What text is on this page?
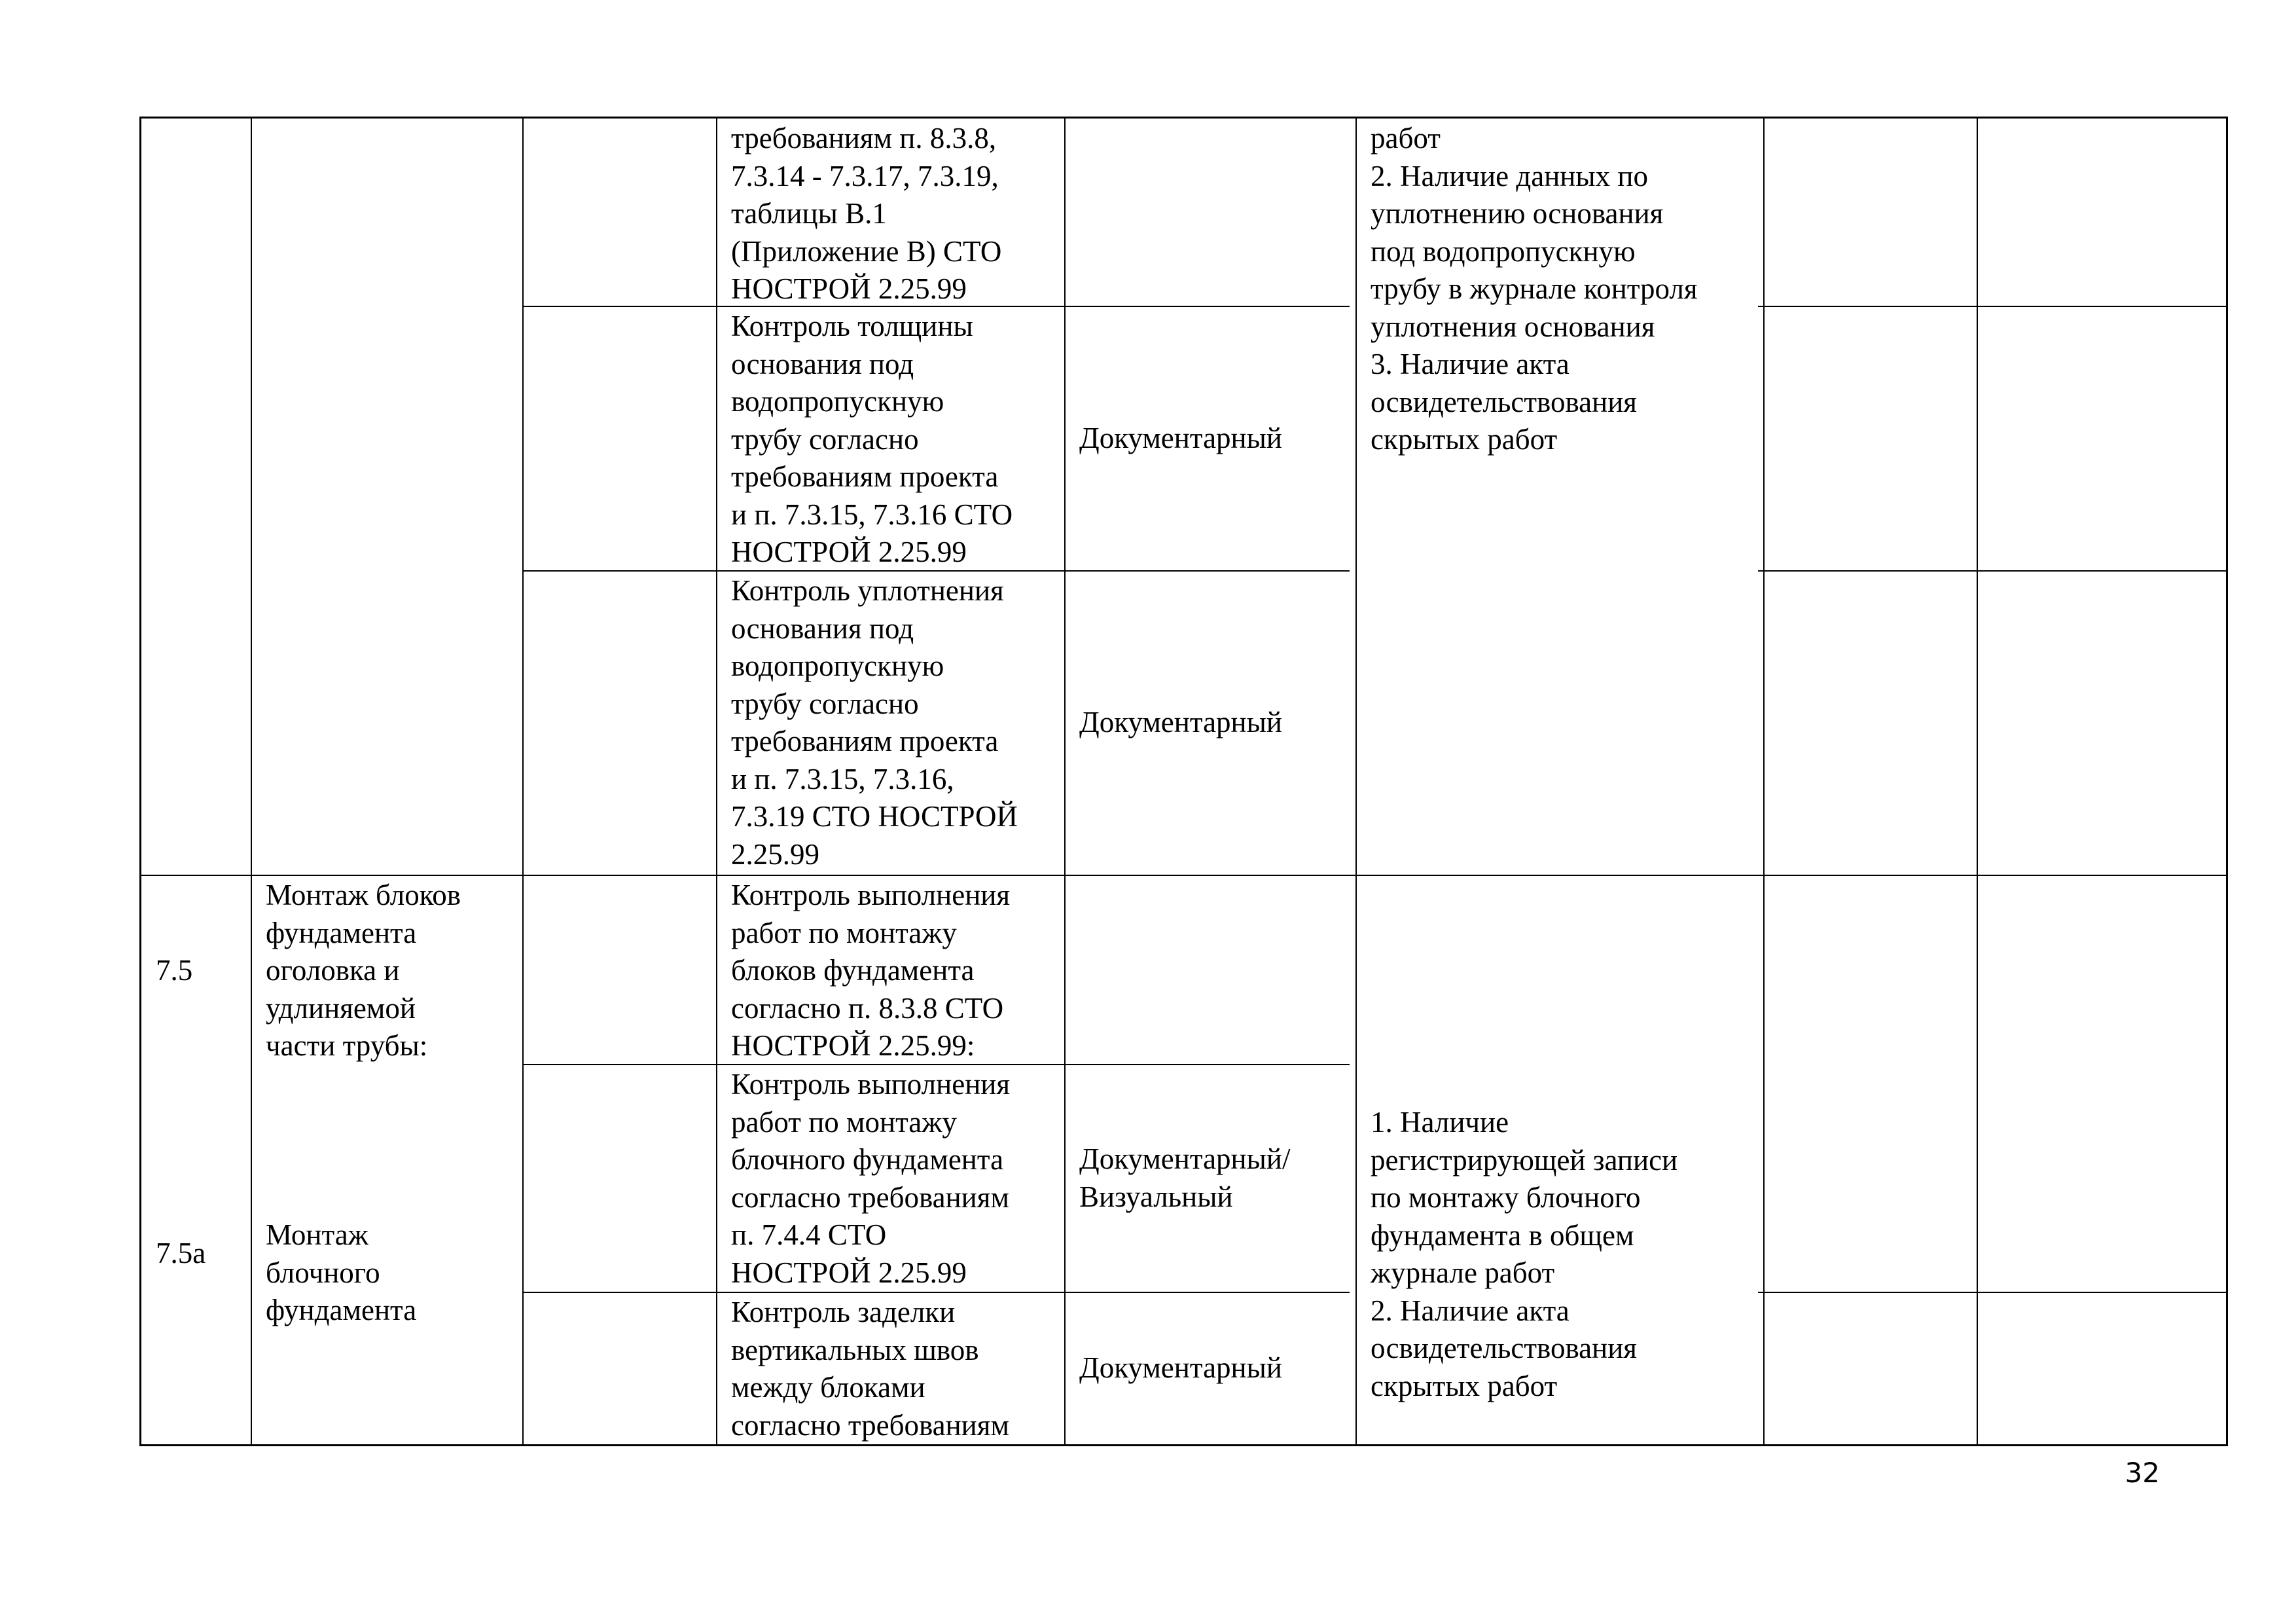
требованиям п. 8.3.8,
7.3.14 - 7.3.17, 7.3.19,
таблицы В.1
(Приложение В) СТО
НОСТРОЙ 2.25.99
работ
2. Наличие данных по
уплотнению основания
под водопропускную
трубу в журнале контроля
уплотнения основания
3. Наличие акта
освидетельствования
скрытых работ
Контроль толщины
основания под
водопропускную
трубу согласно
требованиям проекта
и п. 7.3.15, 7.3.16 СТО
НОСТРОЙ 2.25.99
Документарный
Контроль уплотнения
основания под
водопропускную
трубу согласно
требованиям проекта
и п. 7.3.15, 7.3.16,
7.3.19 СТО НОСТРОЙ
2.25.99
Документарный
7.5
7.5а
Монтаж блоков
фундамента
оголовка и
удлиняемой
части трубы:
Монтаж
блочного
фундамента
Контроль выполнения
работ по монтажу
блоков фундамента
согласно п. 8.3.8 СТО
НОСТРОЙ 2.25.99:
1. Наличие
регистрирующей записи
по монтажу блочного
фундамента в общем
журнале работ
2. Наличие акта
освидетельствования
скрытых работ
Контроль выполнения
работ по монтажу
блочного фундамента
согласно требованиям
п. 7.4.4 СТО
НОСТРОЙ 2.25.99
Документарный/
Визуальный
Контроль заделки
вертикальных швов
между блоками
согласно требованиям
Документарный
32
